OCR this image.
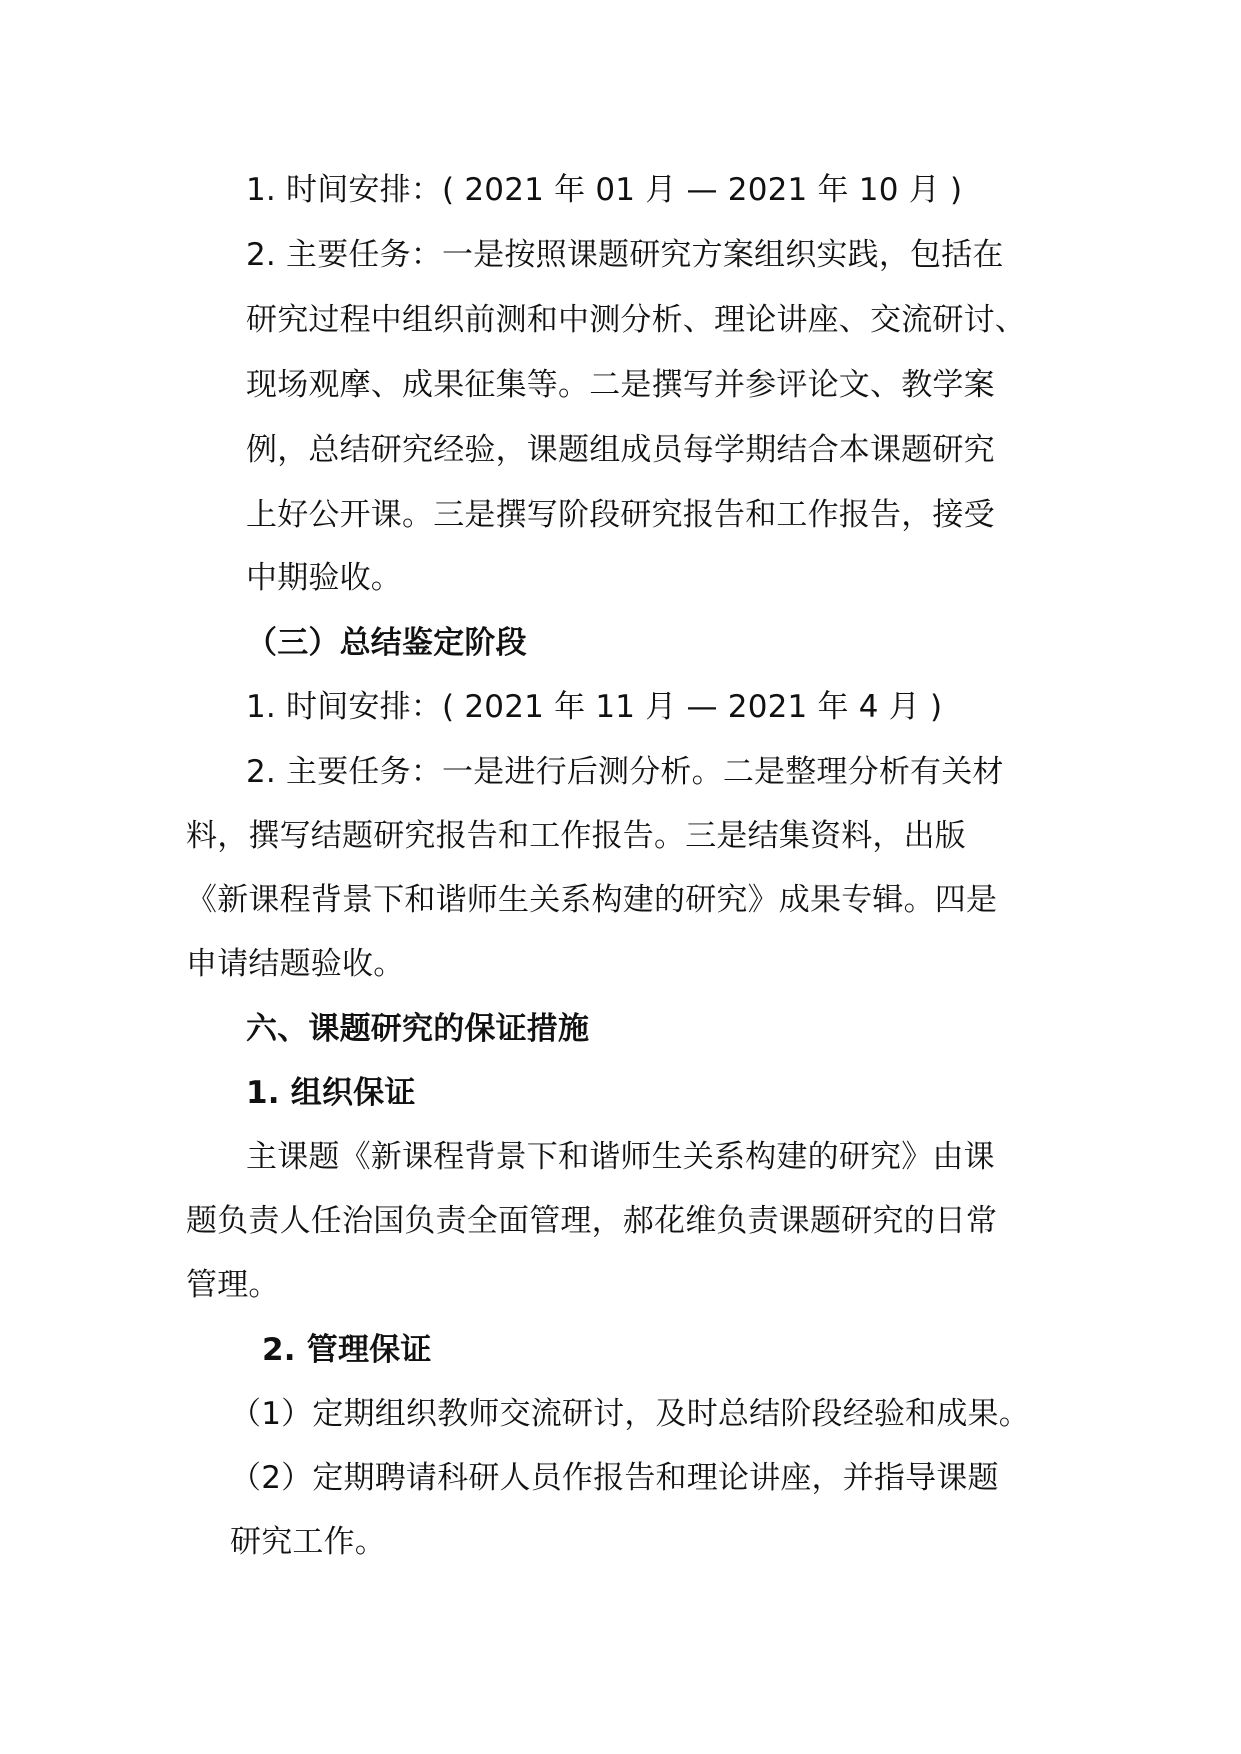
1. 时间安排：( 2021 年 01 月 — 2021 年 10 月 )
2. 主要任务：一是按照课题研究方案组织实践，包括在
研究过程中组织前测和中测分析、理论讲座、交流研讨、
现场观摩、成果征集等。二是撰写并参评论文、教学案
例，总结研究经验，课题组成员每学期结合本课题研究
上好公开课。三是撰写阶段研究报告和工作报告，接受
中期验收。
（三）总结鉴定阶段
1. 时间安排：( 2021 年 11 月 — 2021 年 4 月 )
2. 主要任务：一是进行后测分析。二是整理分析有关材
料，撰写结题研究报告和工作报告。三是结集资料，出版
《新课程背景下和谐师生关系构建的研究》成果专辑。四是
申请结题验收。
六、课题研究的保证措施
1. 组织保证
主课题《新课程背景下和谐师生关系构建的研究》由课
题负责人任治国负责全面管理，郝花维负责课题研究的日常
管理。
2. 管理保证
（1）定期组织教师交流研讨，及时总结阶段经验和成果。
（2）定期聘请科研人员作报告和理论讲座，并指导课题
研究工作。
